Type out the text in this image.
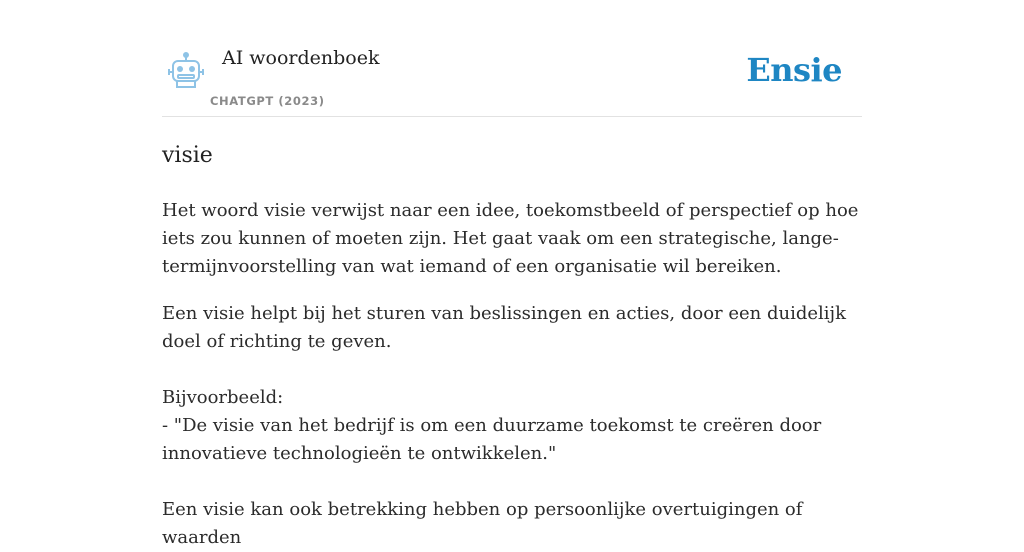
AI woordenboek
CHATGPT (2023)
Ensie
visie

Het woord visie verwijst naar een idee, toekomstbeeld of perspectief op hoe iets zou kunnen of moeten zijn. Het gaat vaak om een strategische, lange-termijnvoorstelling van wat iemand of een organisatie wil bereiken.

Een visie helpt bij het sturen van beslissingen en acties, door een duidelijk doel of richting te geven.

Bijvoorbeeld:

- "De visie van het bedrijf is om een duurzame toekomst te creëren door innovatieve technologieën te ontwikkelen."

Een visie kan ook betrekking hebben op persoonlijke overtuigingen of waarden
